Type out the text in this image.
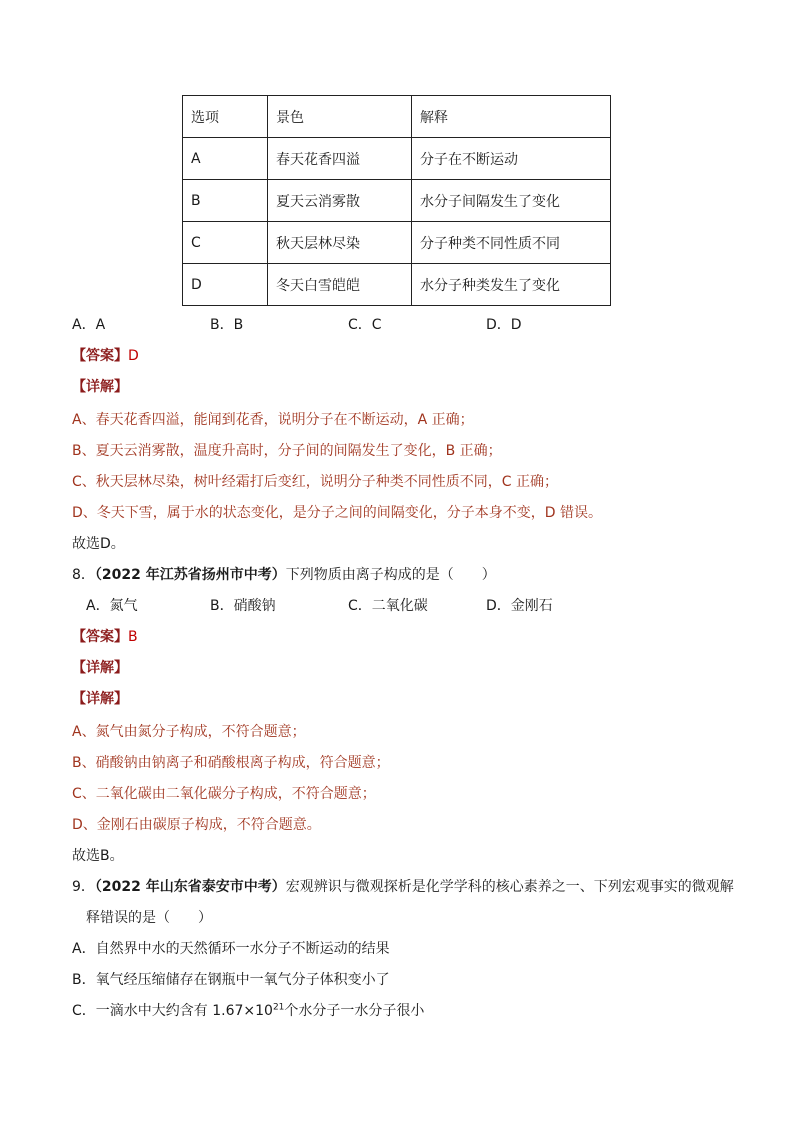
选项	景色	解释
A	春天花香四溢	分子在不断运动
B	夏天云消雾散	水分子间隔发生了变化
C	秋天层林尽染	分子种类不同性质不同
D	冬天白雪皑皑	水分子种类发生了变化
A．A	B．B	C．C	D．D
【答案】D
【详解】
A、春天花香四溢，能闻到花香，说明分子在不断运动，A 正确；
B、夏天云消雾散，温度升高时，分子间的间隔发生了变化，B 正确；
C、秋天层林尽染，树叶经霜打后变红，说明分子种类不同性质不同，C 正确；
D、冬天下雪，属于水的状态变化，是分子之间的间隔变化，分子本身不变，D 错误。
故选D。
8．（2022 年江苏省扬州市中考）下列物质由离子构成的是（　　）
A．氮气	B．硝酸钠	C．二氧化碳	D．金刚石
【答案】B
【详解】
【详解】
A、氮气由氮分子构成，不符合题意；
B、硝酸钠由钠离子和硝酸根离子构成，符合题意；
C、二氧化碳由二氧化碳分子构成，不符合题意；
D、金刚石由碳原子构成，不符合题意。
故选B。
9．（2022 年山东省泰安市中考）宏观辨识与微观探析是化学学科的核心素养之一、下列宏观事实的微观解
释错误的是（　　）
A．自然界中水的天然循环一水分子不断运动的结果
B．氧气经压缩储存在钢瓶中一氧气分子体积变小了
C．一滴水中大约含有 $1.67\times 10^{21}$个水分子一水分子很小
